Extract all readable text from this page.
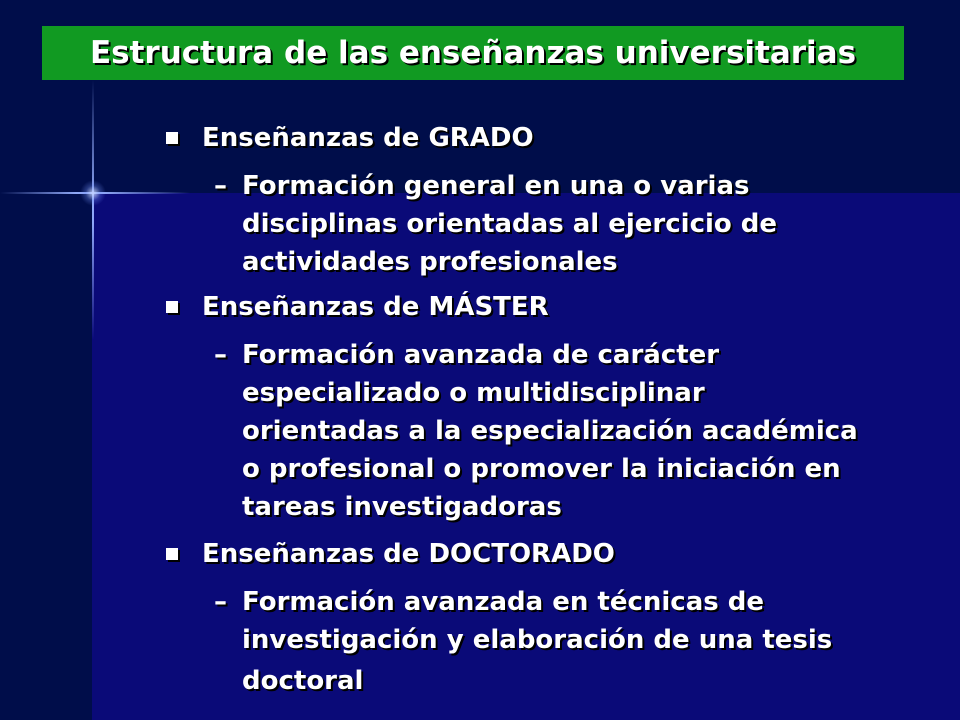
Estructura de las enseñanzas universitarias
Enseñanzas de GRADO
– Formación general en una o varias
disciplinas orientadas al ejercicio de
actividades profesionales
Enseñanzas de MÁSTER
– Formación avanzada de carácter
especializado o multidisciplinar
orientadas a la especialización académica
o profesional o promover la iniciación en
tareas investigadoras
Enseñanzas de DOCTORADO
– Formación avanzada en técnicas de
investigación y elaboración de una tesis
doctoral
